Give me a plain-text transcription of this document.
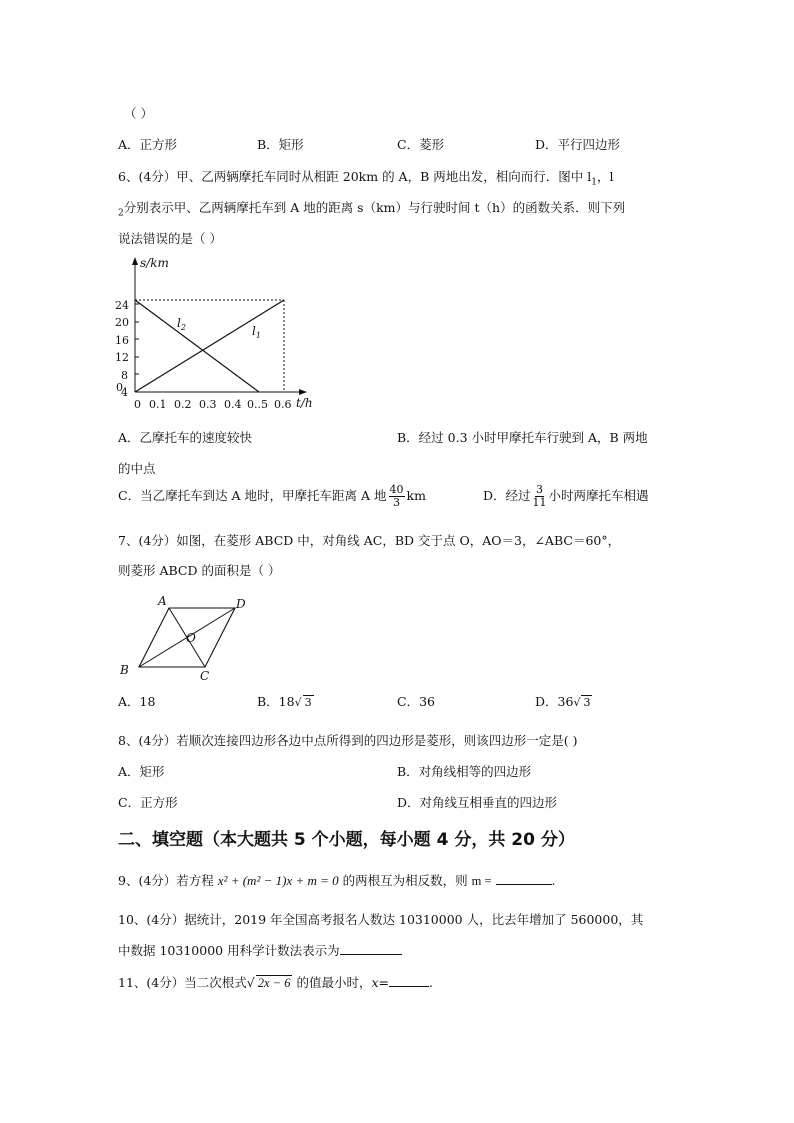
（ ）
A．正方形	B．矩形	C．菱形	D．平行四边形
6、(4分）甲、乙两辆摩托车同时从相距 20km 的 A，B 两地出发，相向而行．图中 $l_1$，l
$_2$分别表示甲、乙两辆摩托车到 A 地的距离 s（km）与行驶时间 t（h）的函数关系．则下列
说法错误的是（ ）
4
8
12
16
20
24
0
0 0.1 0.2 0.3 0.4 0..5 0.6
s/km
t/h
$l_2$	$l_1$
A．乙摩托车的速度较快	B．经过 0.3 小时甲摩托车行驶到 A，B 两地
的中点
C．当乙摩托车到达 A 地时，甲摩托车距离 A 地 $\frac{40}{3}$ km	D．经过 $\frac{3}{11}$ 小时两摩托车相遇
7、(4分）如图，在菱形 ABCD 中，对角线 AC，BD 交于点 O，AO＝3，∠ABC＝60°，
则菱形 ABCD 的面积是（ ）
A	D
O
B	C
A．18	B．18√ 3	C．36	D．36√ 3
8、(4分）若顺次连接四边形各边中点所得到的四边形是菱形，则该四边形一定是( )
A．矩形	B．对角线相等的四边形
C．正方形	D．对角线互相垂直的四边形
二、填空题（本大题共 5 个小题，每小题 4 分，共 20 分）
9、(4分）若方程 x² + (m² − 1)x + m = 0 的两根互为相反数，则 m =	.
10、(4分）据统计，2019 年全国高考报名人数达 10310000 人，比去年增加了 560000，其
中数据 10310000 用科学计数法表示为
11、(4分）当二次根式√ 2x − 6 的值最小时，x=	.
